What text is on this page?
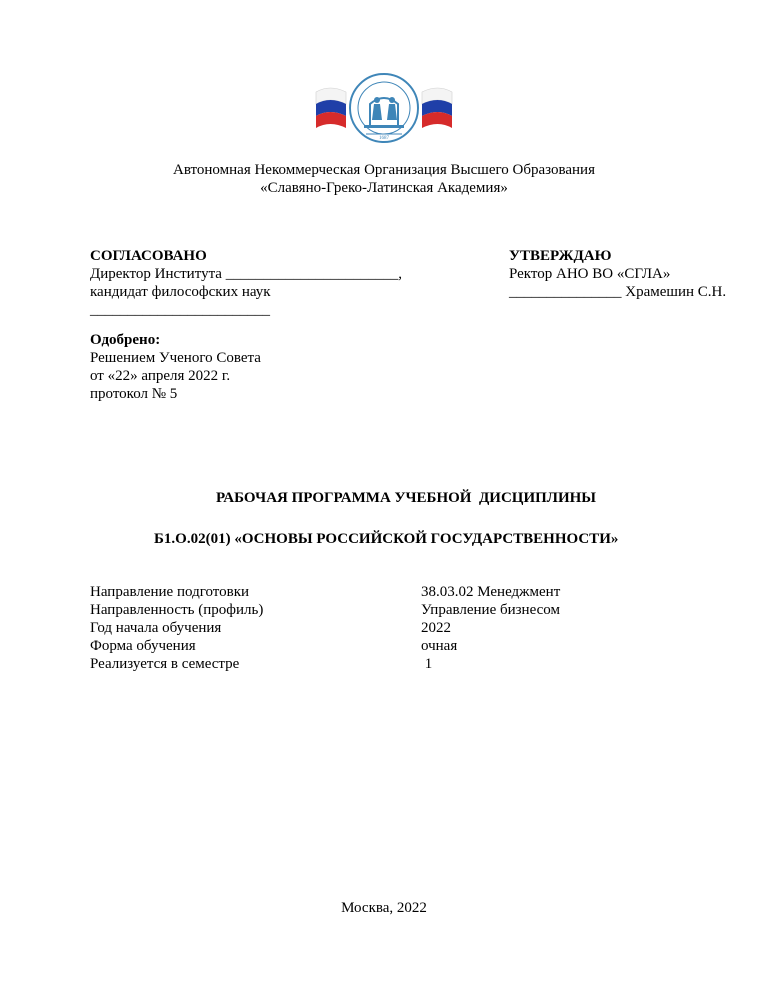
1687
Автономная Некоммерческая Организация Высшего Образования
«Славяно-Греко-Латинская Академия»
СОГЛАСОВАНО
Директор Института _______________________,
кандидат философских наук
________________________
УТВЕРЖДАЮ
Ректор АНО ВО «СГЛА»
_______________ Храмешин С.Н.
Одобрено:
Решением Ученого Совета
от «22» апреля 2022 г.
протокол № 5
РАБОЧАЯ ПРОГРАММА УЧЕБНОЙ  ДИСЦИПЛИНЫ
Б1.О.02(01) «ОСНОВЫ РОССИЙСКОЙ ГОСУДАРСТВЕННОСТИ»
Направление подготовки
Направленность (профиль)
Год начала обучения
Форма обучения
Реализуется в семестре
38.03.02 Менеджмент
Управление бизнесом
2022
очная
1
Москва, 2022
